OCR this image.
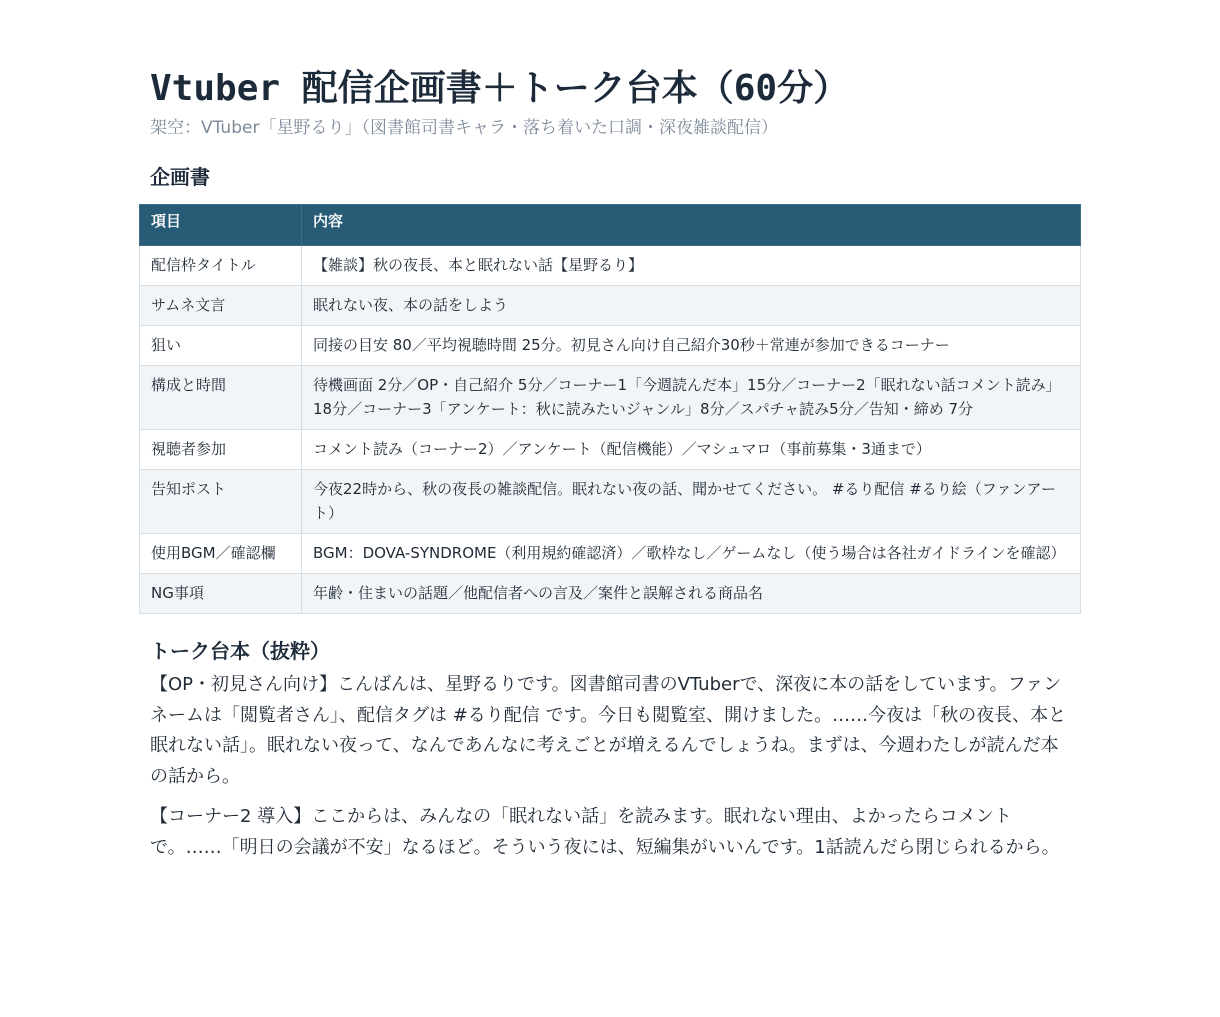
Vtuber 配信企画書＋トーク台本（60分）
架空：VTuber「星野るり」（図書館司書キャラ・落ち着いた口調・深夜雑談配信）
企画書
項目	内容
配信枠タイトル	【雑談】秋の夜長、本と眠れない話【星野るり】
サムネ文言	眠れない夜、本の話をしよう
狙い	同接の目安 80／平均視聴時間 25分。初見さん向け自己紹介30秒＋常連が参加できるコーナー
構成と時間	待機画面 2分／OP・自己紹介 5分／コーナー1「今週読んだ本」15分／コーナー2「眠れない話コメント読み」18分／コーナー3「アンケート：秋に読みたいジャンル」8分／スパチャ読み5分／告知・締め 7分
視聴者参加	コメント読み（コーナー2）／アンケート（配信機能）／マシュマロ（事前募集・3通まで）
告知ポスト	今夜22時から、秋の夜長の雑談配信。眠れない夜の話、聞かせてください。 #るり配信 #るり絵（ファンアート）
使用BGM／確認欄	BGM：DOVA-SYNDROME（利用規約確認済）／歌枠なし／ゲームなし（使う場合は各社ガイドラインを確認）
NG事項	年齢・住まいの話題／他配信者への言及／案件と誤解される商品名
トーク台本（抜粋）

【OP・初見さん向け】こんばんは、星野るりです。図書館司書のVTuberで、深夜に本の話をしています。ファンネームは「閲覧者さん」、配信タグは #るり配信 です。今日も閲覧室、開けました。……今夜は「秋の夜長、本と眠れない話」。眠れない夜って、なんであんなに考えごとが増えるんでしょうね。まずは、今週わたしが読んだ本の話から。

【コーナー2 導入】ここからは、みんなの「眠れない話」を読みます。眠れない理由、よかったらコメントで。……「明日の会議が不安」なるほど。そういう夜には、短編集がいいんです。1話読んだら閉じられるから。
